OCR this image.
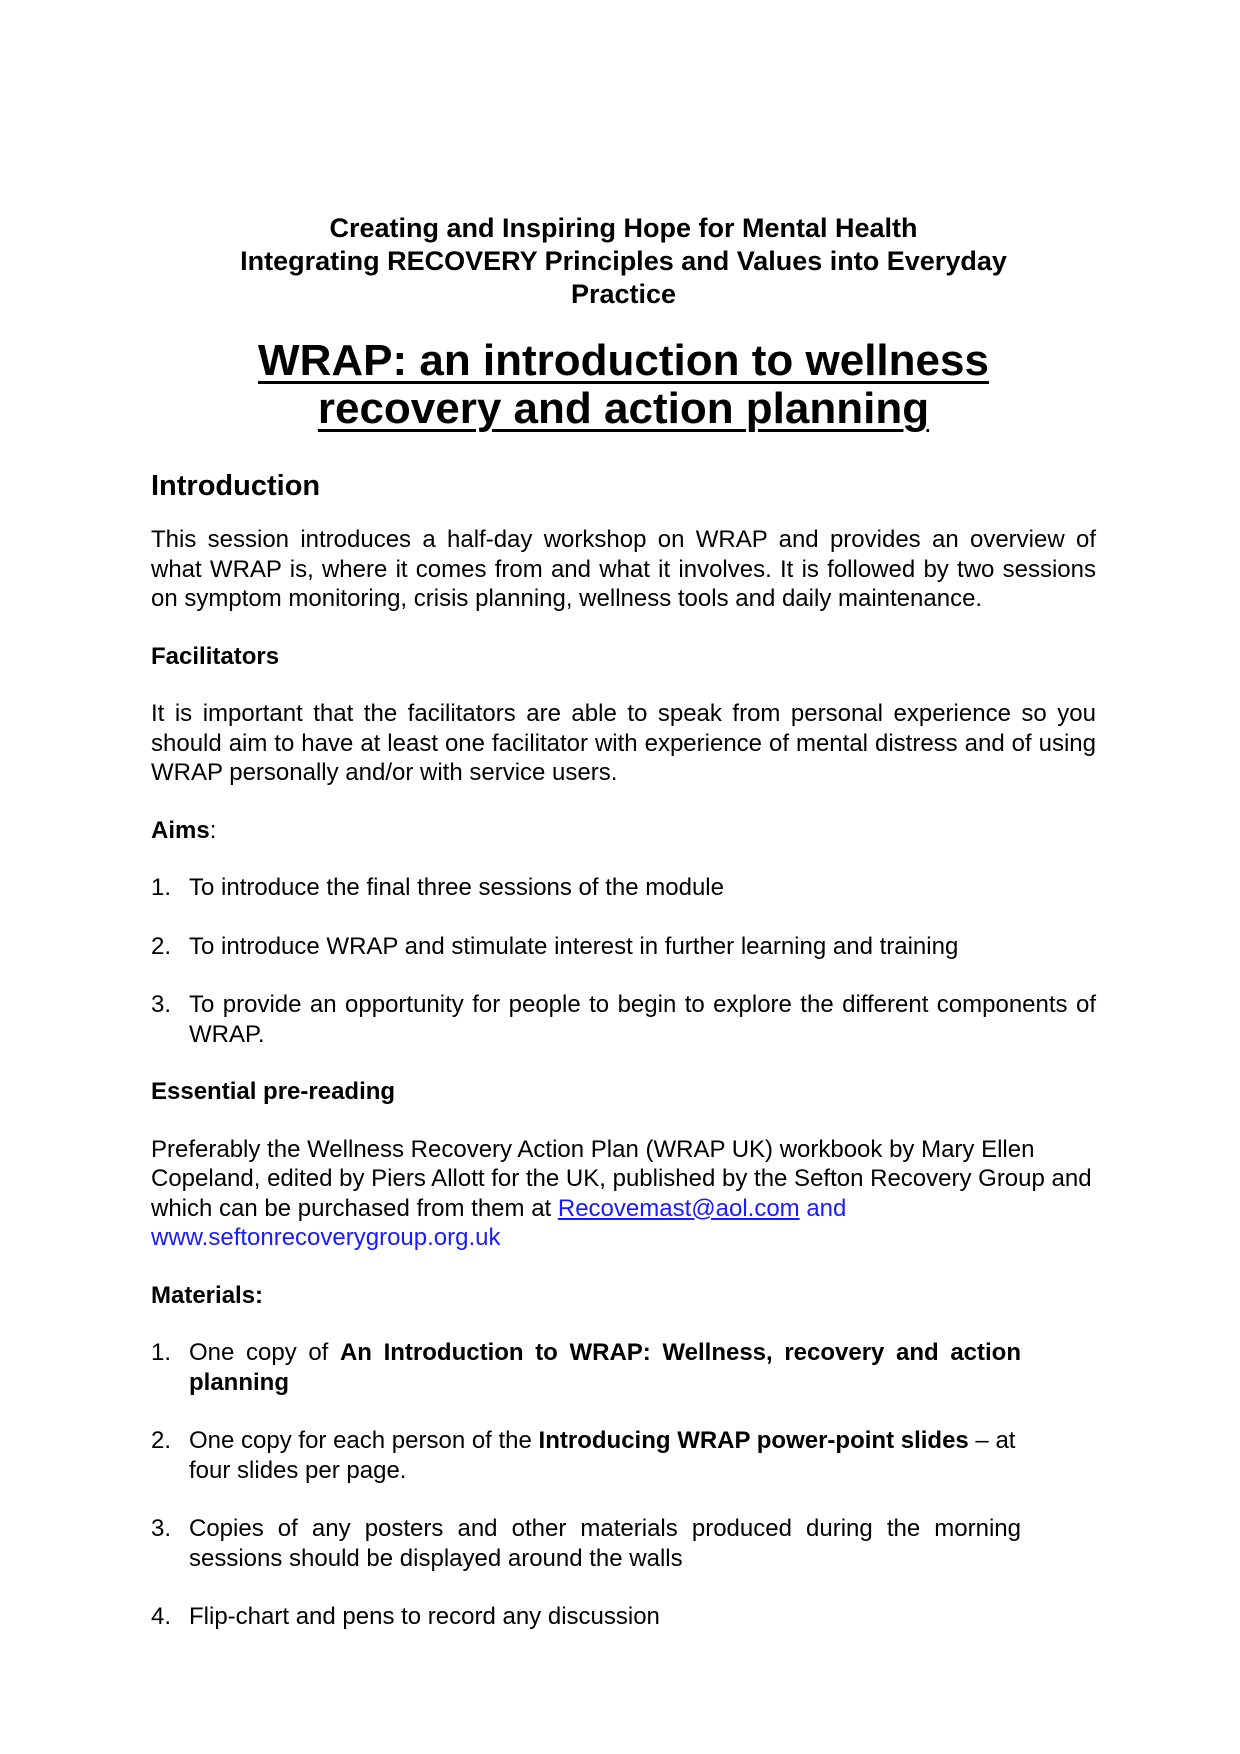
Creating and Inspiring Hope for Mental Health
Integrating RECOVERY Principles and Values into Everyday
Practice
WRAP: an introduction to wellness
recovery and action planning
Introduction

This session introduces a half-day workshop on WRAP and provides an overview of what WRAP is, where it comes from and what it involves. It is followed by two sessions on symptom monitoring, crisis planning, wellness tools and daily maintenance.

Facilitators

It is important that the facilitators are able to speak from personal experience so you should aim to have at least one facilitator with experience of mental distress and of using WRAP personally and/or with service users.

Aims:
1. To introduce the final three sessions of the module
2. To introduce WRAP and stimulate interest in further learning and training
3. To provide an opportunity for people to begin to explore the different components of WRAP.
Essential pre-reading

Preferably the Wellness Recovery Action Plan (WRAP UK) workbook by Mary Ellen Copeland, edited by Piers Allott for the UK, published by the Sefton Recovery Group and which can be purchased from them at Recovemast@aol.com and
www.seftonrecoverygroup.org.uk

Materials:
1. One copy of An Introduction to WRAP: Wellness, recovery and action planning
2. One copy for each person of the Introducing WRAP power-point slides – at four slides per page.
3. Copies of any posters and other materials produced during the morning sessions should be displayed around the walls
4. Flip-chart and pens to record any discussion
